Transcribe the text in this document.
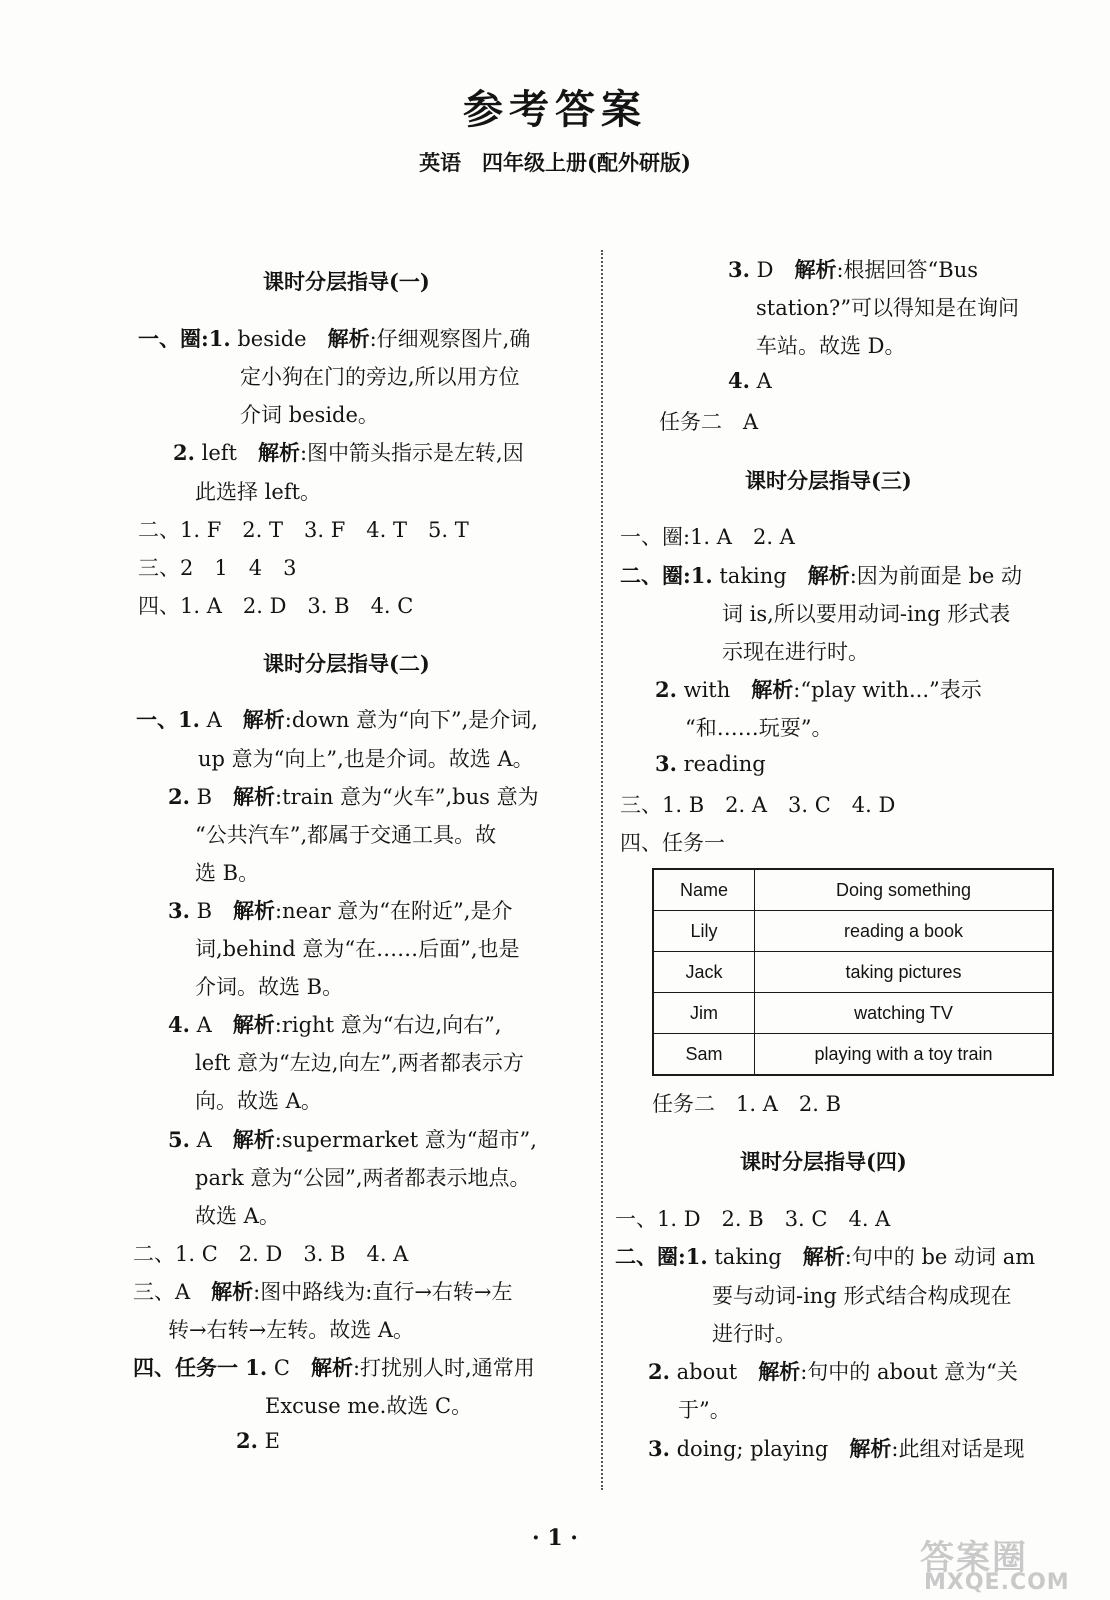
参考答案
英语　四年级上册(配外研版)
课时分层指导(一)
一、圈:1. beside　解析:仔细观察图片,确
定小狗在门的旁边,所以用方位
介词 beside。
2. left　解析:图中箭头指示是左转,因
此选择 left。
二、1. F　2. T　3. F　4. T　5. T
三、2　1　4　3
四、1. A　2. D　3. B　4. C
课时分层指导(二)
一、1. A　解析:down 意为“向下”,是介词,
up 意为“向上”,也是介词。故选 A。
2. B　解析:train 意为“火车”,bus 意为
“公共汽车”,都属于交通工具。故
选 B。
3. B　解析:near 意为“在附近”,是介
词,behind 意为“在……后面”,也是
介词。故选 B。
4. A　解析:right 意为“右边,向右”,
left 意为“左边,向左”,两者都表示方
向。故选 A。
5. A　解析:supermarket 意为“超市”,
park 意为“公园”,两者都表示地点。
故选 A。
二、1. C　2. D　3. B　4. A
三、A　解析:图中路线为:直行→右转→左
转→右转→左转。故选 A。
四、任务一 1. C　解析:打扰别人时,通常用
Excuse me.故选 C。
2. E
3. D　解析:根据回答“Bus
station?”可以得知是在询问
车站。故选 D。
4. A
任务二　A
课时分层指导(三)
一、圈:1. A　2. A
二、圈:1. taking　解析:因为前面是 be 动
词 is,所以要用动词-ing 形式表
示现在进行时。
2. with　解析:“play with...”表示
“和……玩耍”。
3. reading
三、1. B　2. A　3. C　4. D
四、任务一
任务二　1. A　2. B
课时分层指导(四)
一、1. D　2. B　3. C　4. A
二、圈:1. taking　解析:句中的 be 动词 am
要与动词-ing 形式结合构成现在
进行时。
2. about　解析:句中的 about 意为“关
于”。
3. doing; playing　解析:此组对话是现
Name	Doing something
Lily	reading a book
Jack	taking pictures
Jim	watching TV
Sam	playing with a toy train
· 1 ·	答案圈
MXQE.COM
